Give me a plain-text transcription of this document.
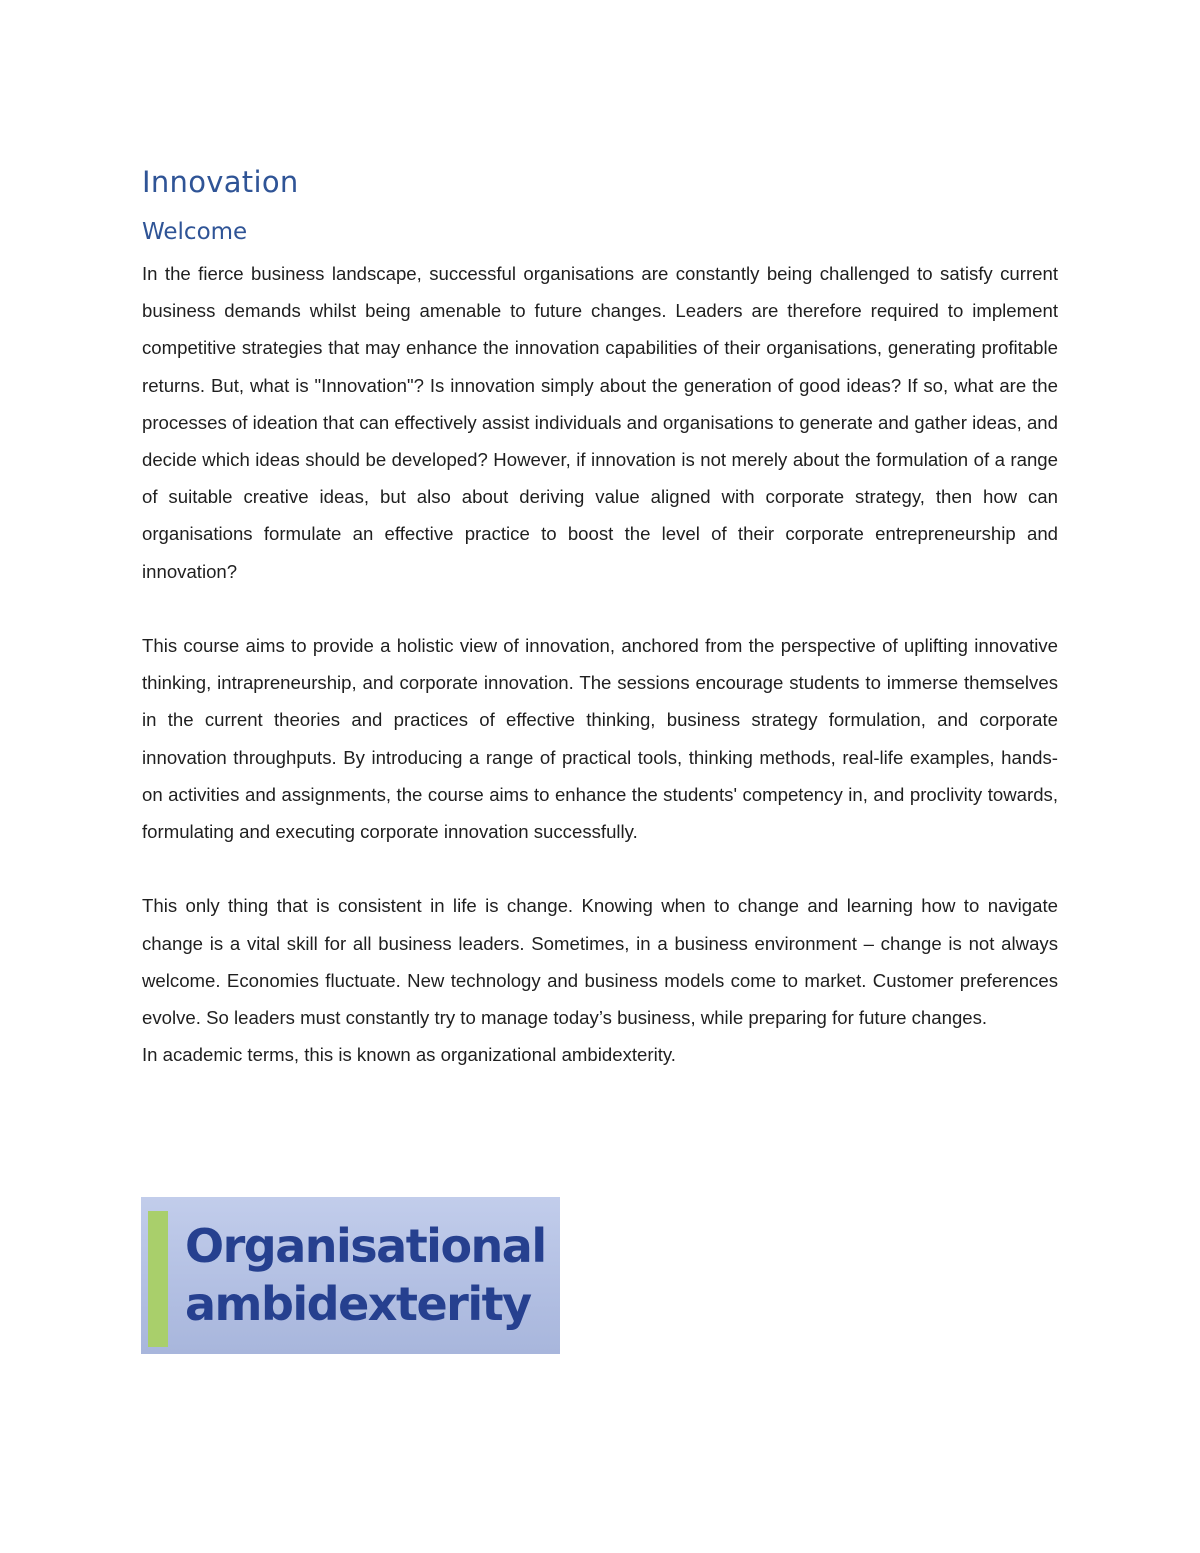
Innovation
Welcome

In the fierce business landscape, successful organisations are constantly being challenged to satisfy current business demands whilst being amenable to future changes. Leaders are therefore required to implement competitive strategies that may enhance the innovation capabilities of their organisations, generating profitable returns. But, what is "Innovation"? Is innovation simply about the generation of good ideas? If so, what are the processes of ideation that can effectively assist individuals and organisations to generate and gather ideas, and decide which ideas should be developed? However, if innovation is not merely about the formulation of a range of suitable creative ideas, but also about deriving value aligned with corporate strategy, then how can organisations formulate an effective practice to boost the level of their corporate entrepreneurship and innovation?

This course aims to provide a holistic view of innovation, anchored from the perspective of uplifting innovative thinking, intrapreneurship, and corporate innovation. The sessions encourage students to immerse themselves in the current theories and practices of effective thinking, business strategy formulation, and corporate innovation throughputs. By introducing a range of practical tools, thinking methods, real-life examples, hands-on activities and assignments, the course aims to enhance the students' competency in, and proclivity towards, formulating and executing corporate innovation successfully.

This only thing that is consistent in life is change. Knowing when to change and learning how to navigate change is a vital skill for all business leaders. Sometimes, in a business environment – change is not always welcome. Economies fluctuate. New technology and business models come to market. Customer preferences evolve. So leaders must constantly try to manage today’s business, while preparing for future changes.

In academic terms, this is known as organizational ambidexterity.

Organisational
ambidexterity
